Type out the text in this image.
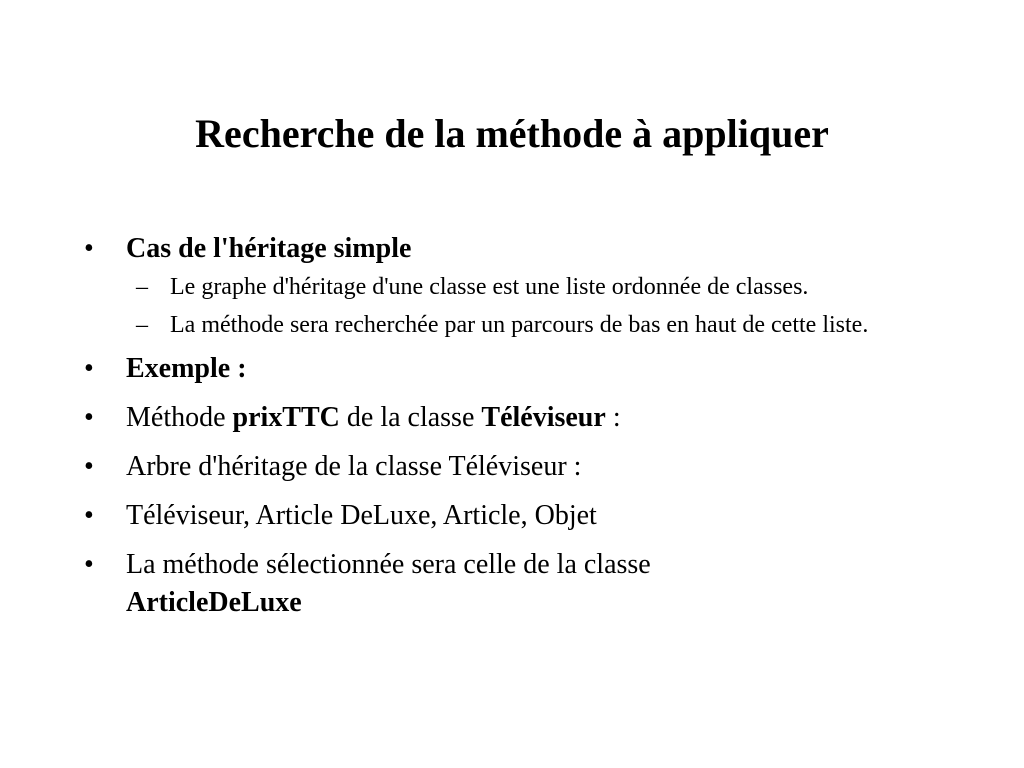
Recherche de la méthode à appliquer
• Cas de l'héritage simple
– Le graphe d'héritage d'une classe est une liste ordonnée de classes.
– La méthode sera recherchée par un parcours de bas en haut de cette liste.
• Exemple :
• Méthode prixTTC de la classe Téléviseur :
• Arbre d'héritage de la classe Téléviseur :
• Téléviseur, Article DeLuxe, Article, Objet
• La méthode sélectionnée sera celle de la classe
ArticleDeLuxe
